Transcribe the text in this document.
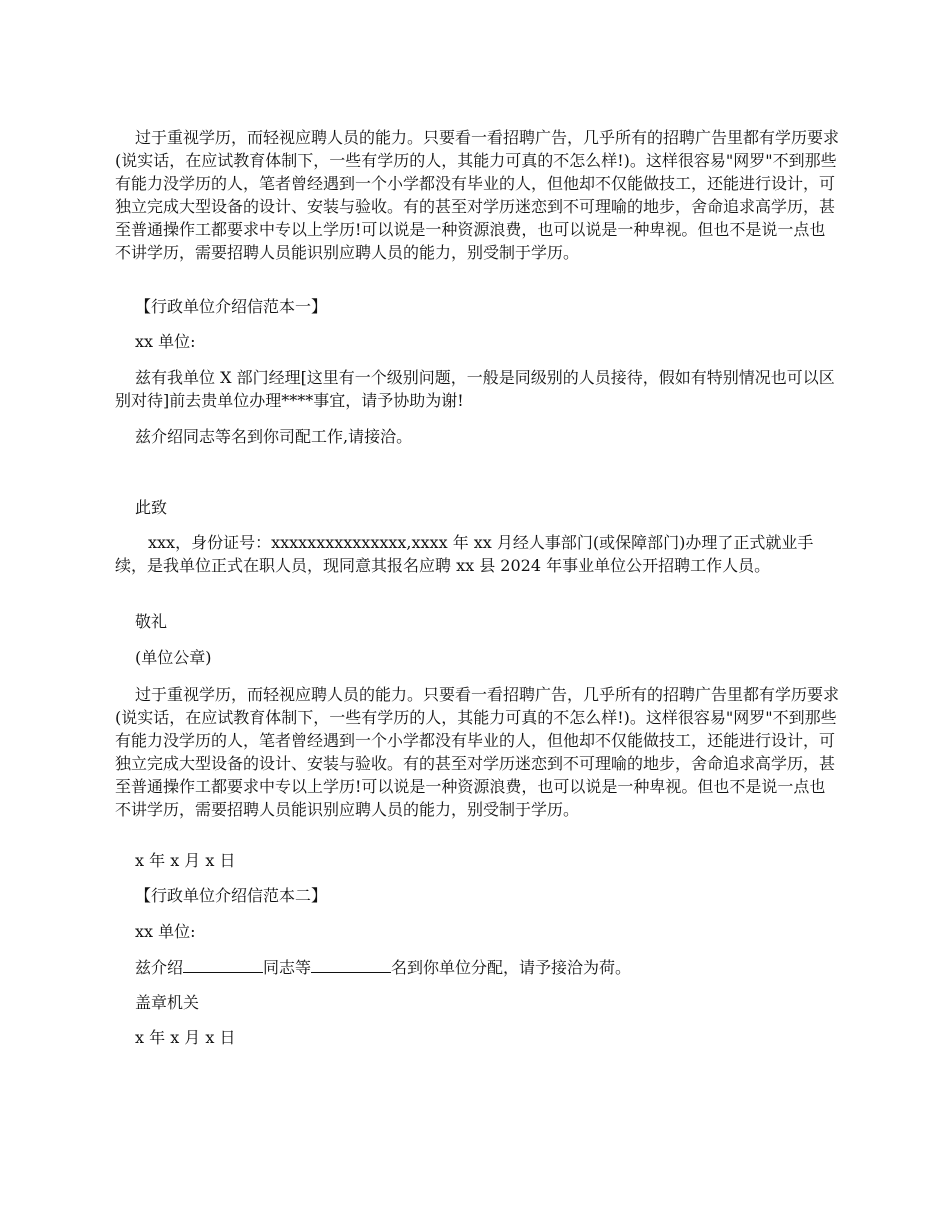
过于重视学历，而轻视应聘人员的能力。只要看一看招聘广告，几乎所有的招聘广告里都有学历要求(说实话，在应试教育体制下，一些有学历的人，其能力可真的不怎么样!)。这样很容易"网罗"不到那些有能力没学历的人，笔者曾经遇到一个小学都没有毕业的人，但他却不仅能做技工，还能进行设计，可独立完成大型设备的设计、安装与验收。有的甚至对学历迷恋到不可理喻的地步，舍命追求高学历，甚至普通操作工都要求中专以上学历!可以说是一种资源浪费，也可以说是一种卑视。但也不是说一点也不讲学历，需要招聘人员能识别应聘人员的能力，别受制于学历。

【行政单位介绍信范本一】

xx 单位:

兹有我单位 X 部门经理[这里有一个级别问题，一般是同级别的人员接待，假如有特别情况也可以区别对待]前去贵单位办理****事宜，请予协助为谢!

兹介绍同志等名到你司配工作,请接洽。

此致

xxx，身份证号：xxxxxxxxxxxxxxx,xxxx 年 xx 月经人事部门(或保障部门)办理了正式就业手续，是我单位正式在职人员，现同意其报名应聘 xx 县 2024 年事业单位公开招聘工作人员。

敬礼

(单位公章)

过于重视学历，而轻视应聘人员的能力。只要看一看招聘广告，几乎所有的招聘广告里都有学历要求(说实话，在应试教育体制下，一些有学历的人，其能力可真的不怎么样!)。这样很容易"网罗"不到那些有能力没学历的人，笔者曾经遇到一个小学都没有毕业的人，但他却不仅能做技工，还能进行设计，可独立完成大型设备的设计、安装与验收。有的甚至对学历迷恋到不可理喻的地步，舍命追求高学历，甚至普通操作工都要求中专以上学历!可以说是一种资源浪费，也可以说是一种卑视。但也不是说一点也不讲学历，需要招聘人员能识别应聘人员的能力，别受制于学历。

x 年 x 月 x 日

【行政单位介绍信范本二】

xx 单位:

兹介绍	同志等	名到你单位分配，请予接洽为荷。

盖章机关

x 年 x 月 x 日
